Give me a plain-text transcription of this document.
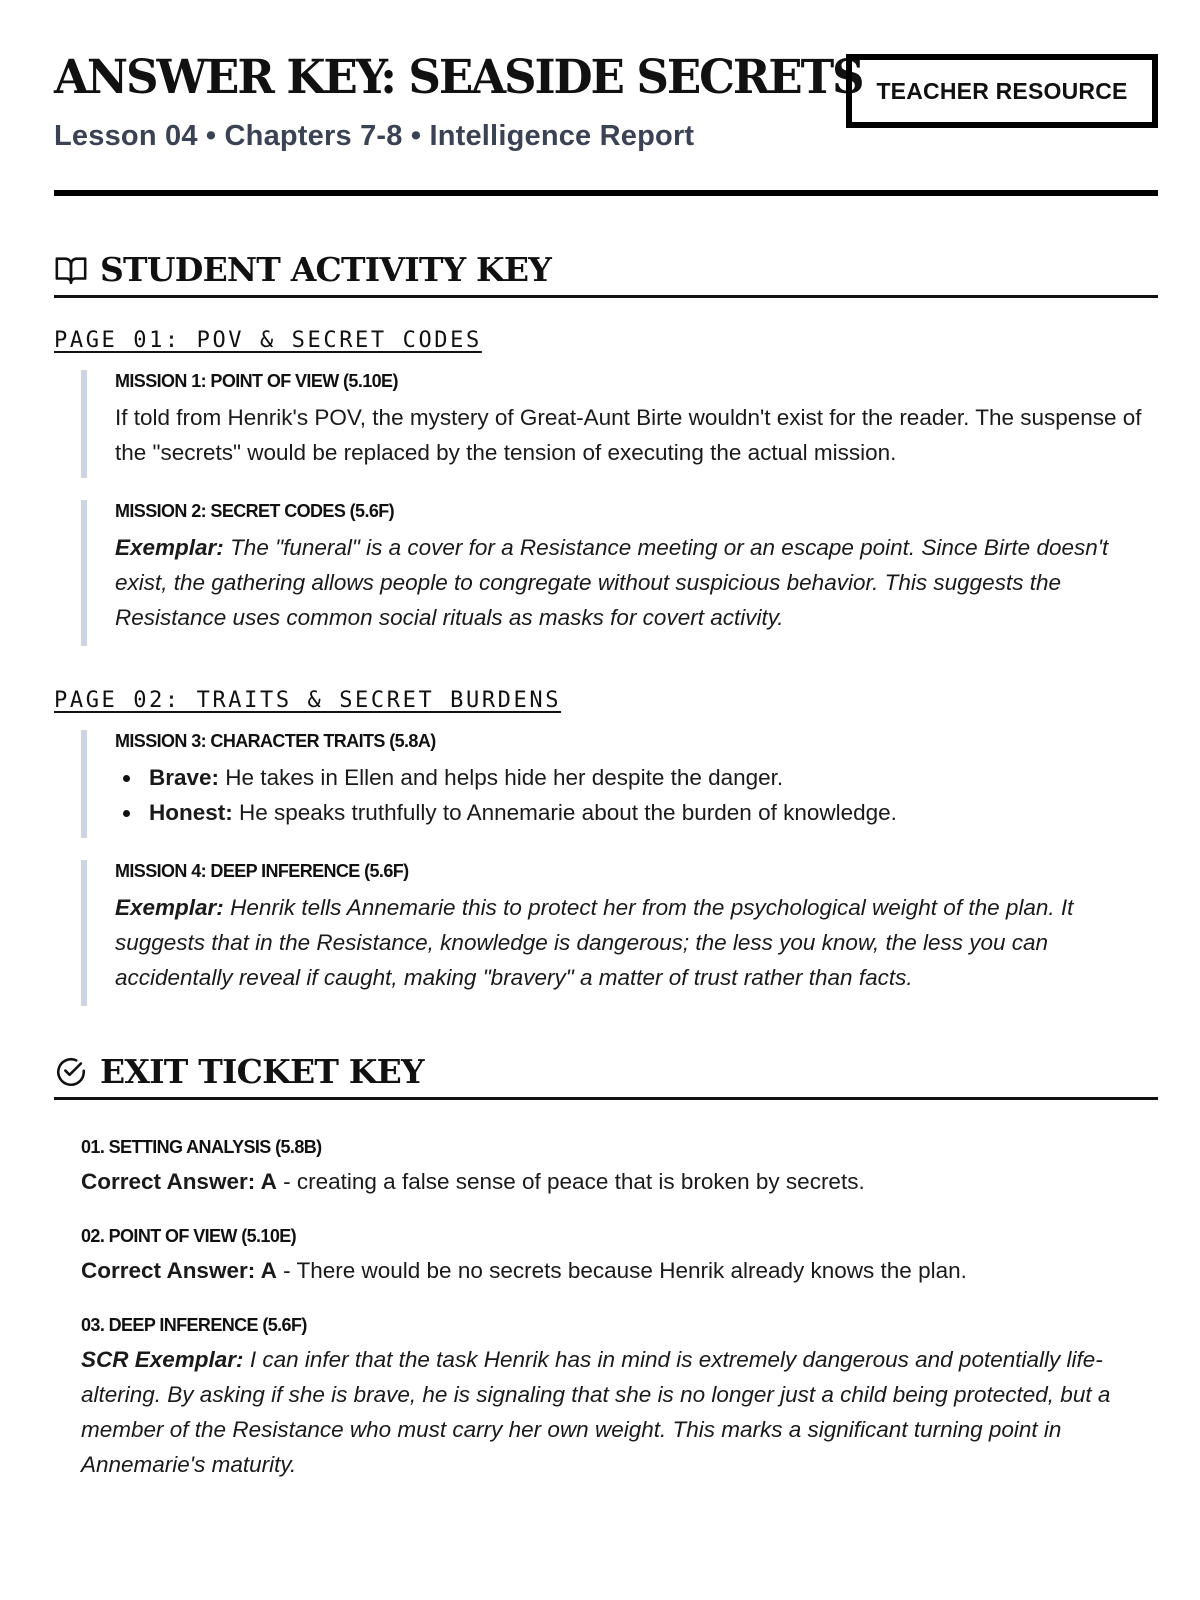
ANSWER KEY: SEASIDE SECRETS
Lesson 04 • Chapters 7-8 • Intelligence Report
TEACHER RESOURCE
STUDENT ACTIVITY KEY
PAGE 01: POV & SECRET CODES
MISSION 1: POINT OF VIEW (5.10E)
If told from Henrik's POV, the mystery of Great-Aunt Birte wouldn't exist for the reader. The suspense of the "secrets" would be replaced by the tension of executing the actual mission.
MISSION 2: SECRET CODES (5.6F)
Exemplar: The "funeral" is a cover for a Resistance meeting or an escape point. Since Birte doesn't exist, the gathering allows people to congregate without suspicious behavior. This suggests the Resistance uses common social rituals as masks for covert activity.
PAGE 02: TRAITS & SECRET BURDENS
MISSION 3: CHARACTER TRAITS (5.8A)
Brave: He takes in Ellen and helps hide her despite the danger.
Honest: He speaks truthfully to Annemarie about the burden of knowledge.
MISSION 4: DEEP INFERENCE (5.6F)
Exemplar: Henrik tells Annemarie this to protect her from the psychological weight of the plan. It suggests that in the Resistance, knowledge is dangerous; the less you know, the less you can accidentally reveal if caught, making "bravery" a matter of trust rather than facts.
EXIT TICKET KEY
01. SETTING ANALYSIS (5.8B)
Correct Answer: A - creating a false sense of peace that is broken by secrets.
02. POINT OF VIEW (5.10E)
Correct Answer: A - There would be no secrets because Henrik already knows the plan.
03. DEEP INFERENCE (5.6F)
SCR Exemplar: I can infer that the task Henrik has in mind is extremely dangerous and potentially life-altering. By asking if she is brave, he is signaling that she is no longer just a child being protected, but a member of the Resistance who must carry her own weight. This marks a significant turning point in Annemarie's maturity.
